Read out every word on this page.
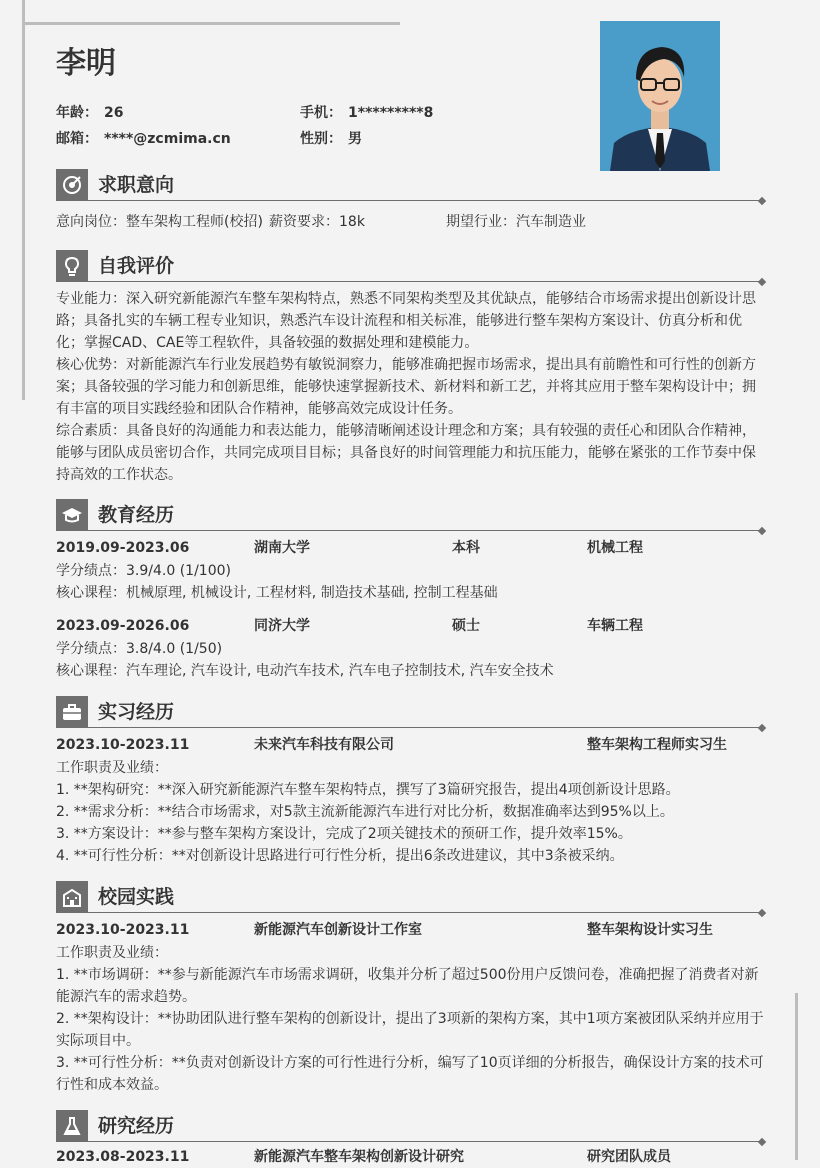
李明
年龄： 26	手机： 1*********8
邮箱： ****@zcmima.cn	性别： 男
求职意向
意向岗位：整车架构工程师(校招) 薪资要求：18k	期望行业：汽车制造业
自我评价
专业能力：深入研究新能源汽车整车架构特点，熟悉不同架构类型及其优缺点，能够结合市场需求提出创新设计思路；具备扎实的车辆工程专业知识，熟悉汽车设计流程和相关标准，能够进行整车架构方案设计、仿真分析和优化；掌握CAD、CAE等工程软件，具备较强的数据处理和建模能力。
核心优势：对新能源汽车行业发展趋势有敏锐洞察力，能够准确把握市场需求，提出具有前瞻性和可行性的创新方案；具备较强的学习能力和创新思维，能够快速掌握新技术、新材料和新工艺，并将其应用于整车架构设计中；拥有丰富的项目实践经验和团队合作精神，能够高效完成设计任务。
综合素质：具备良好的沟通能力和表达能力，能够清晰阐述设计理念和方案；具有较强的责任心和团队合作精神，能够与团队成员密切合作，共同完成项目目标；具备良好的时间管理能力和抗压能力，能够在紧张的工作节奏中保持高效的工作状态。
教育经历
2019.09-2023.06	湖南大学	本科	机械工程
学分绩点：3.9/4.0 (1/100)
核心课程：机械原理, 机械设计, 工程材料, 制造技术基础, 控制工程基础
2023.09-2026.06	同济大学	硕士	车辆工程
学分绩点：3.8/4.0 (1/50)
核心课程：汽车理论, 汽车设计, 电动汽车技术, 汽车电子控制技术, 汽车安全技术
实习经历
2023.10-2023.11	未来汽车科技有限公司	整车架构工程师实习生
工作职责及业绩：
1. **架构研究：**深入研究新能源汽车整车架构特点，撰写了3篇研究报告，提出4项创新设计思路。
2. **需求分析：**结合市场需求，对5款主流新能源汽车进行对比分析，数据准确率达到95%以上。
3. **方案设计：**参与整车架构方案设计，完成了2项关键技术的预研工作，提升效率15%。
4. **可行性分析：**对创新设计思路进行可行性分析，提出6条改进建议，其中3条被采纳。
校园实践
2023.10-2023.11	新能源汽车创新设计工作室	整车架构设计实习生
工作职责及业绩：
1. **市场调研：**参与新能源汽车市场需求调研，收集并分析了超过500份用户反馈问卷，准确把握了消费者对新能源汽车的需求趋势。
2. **架构设计：**协助团队进行整车架构的创新设计，提出了3项新的架构方案，其中1项方案被团队采纳并应用于实际项目中。
3. **可行性分析：**负责对创新设计方案的可行性进行分析，编写了10页详细的分析报告，确保设计方案的技术可行性和成本效益。
研究经历
2023.08-2023.11	新能源汽车整车架构创新设计研究	研究团队成员
